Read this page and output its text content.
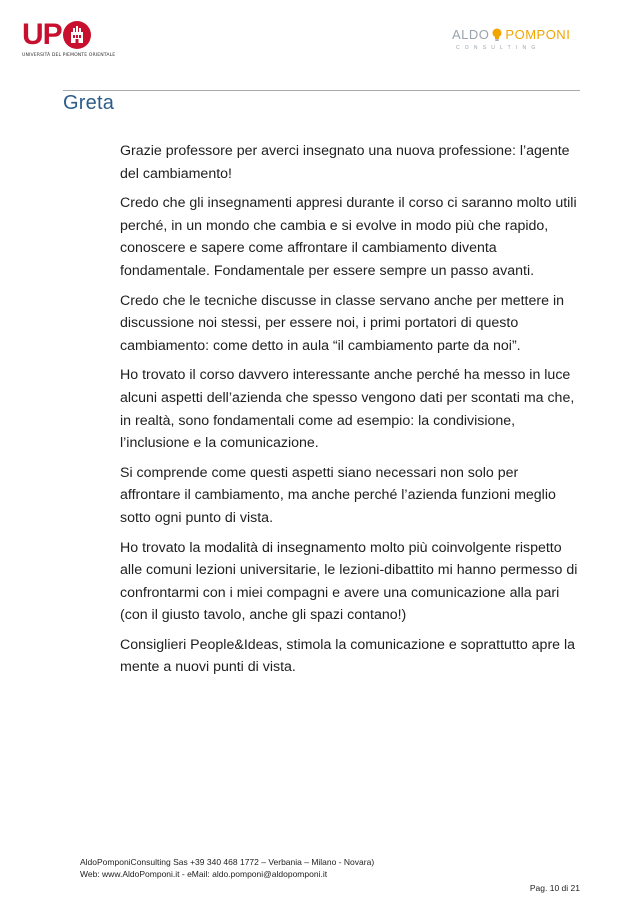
UP
UNIVERSITÀ DEL PIEMONTE ORIENTALE
ALDO POMPONI
CONSULTING
Greta

Grazie professore per averci insegnato una nuova professione: l’agente del cambiamento!

Credo che gli insegnamenti appresi durante il corso ci saranno molto utili perché, in un mondo che cambia e si evolve in modo più che rapido, conoscere e sapere come affrontare il cambiamento diventa fondamentale. Fondamentale per essere sempre un passo avanti.

Credo che le tecniche discusse in classe servano anche per mettere in discussione noi stessi, per essere noi, i primi portatori di questo cambiamento: come detto in aula “il cambiamento parte da noi”.

Ho trovato il corso davvero interessante anche perché ha messo in luce alcuni aspetti dell’azienda che spesso vengono dati per scontati ma che, in realtà, sono fondamentali come ad esempio: la condivisione, l’inclusione e la comunicazione.

Si comprende come questi aspetti siano necessari non solo per affrontare il cambiamento, ma anche perché l’azienda funzioni meglio sotto ogni punto di vista.

Ho trovato la modalità di insegnamento molto più coinvolgente rispetto alle comuni lezioni universitarie, le lezioni-dibattito mi hanno permesso di confrontarmi con i miei compagni e avere una comunicazione alla pari (con il giusto tavolo, anche gli spazi contano!)

Consiglieri People&Ideas, stimola la comunicazione e soprattutto apre la mente a nuovi punti di vista.

AldoPomponiConsulting Sas +39 340 468 1772 – Verbania – Milano - Novara)
Web: www.AldoPomponi.it - eMail: aldo.pomponi@aldopomponi.it
Pag. 10 di 21
